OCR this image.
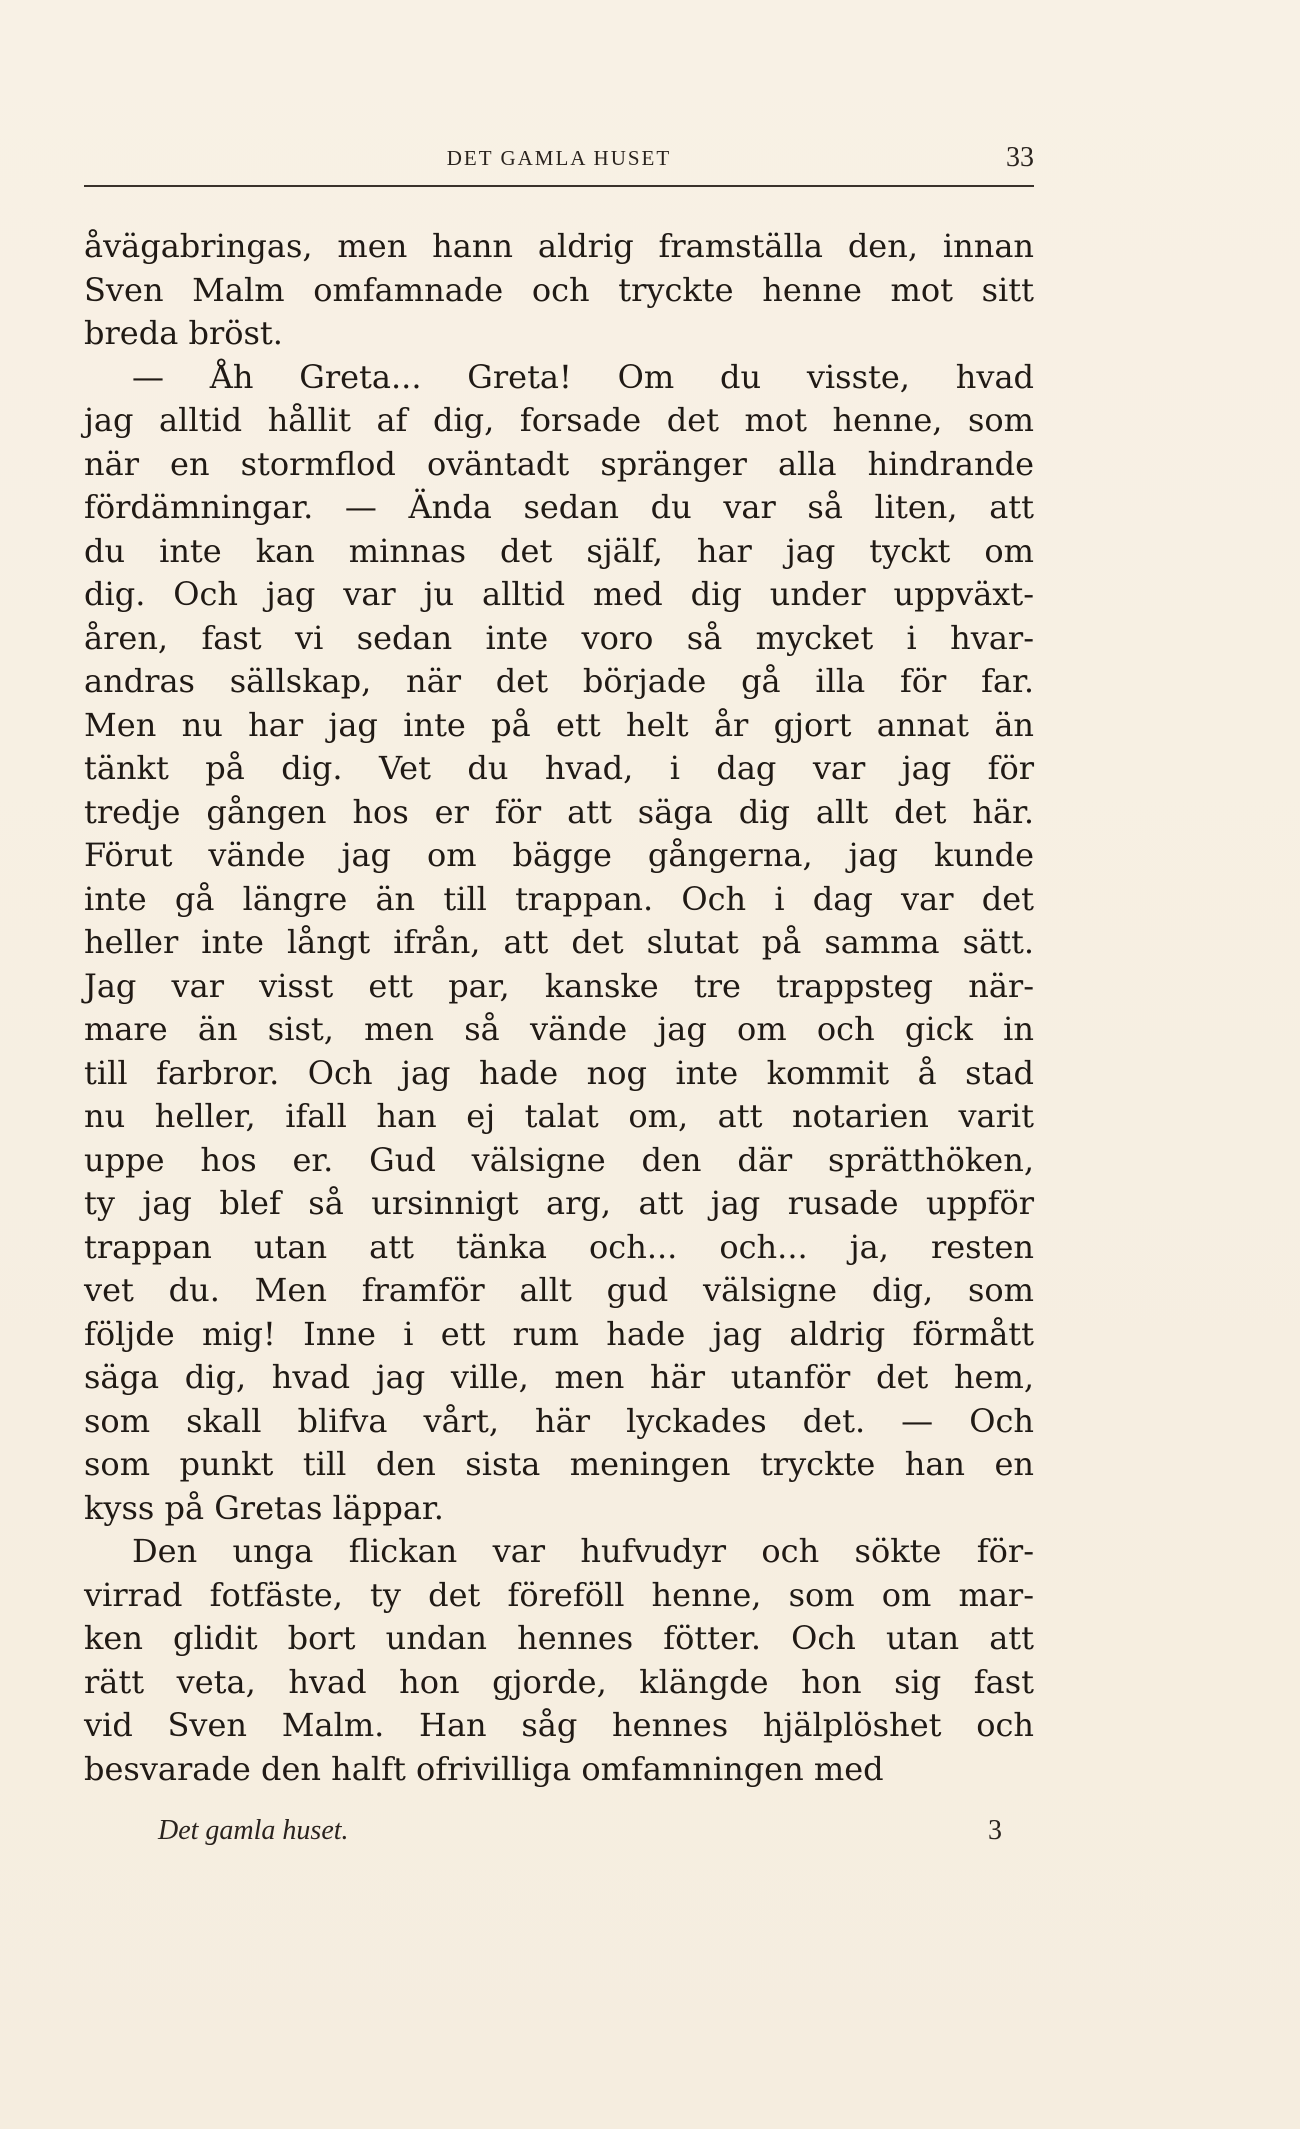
DET GAMLA HUSET	33
åvägabringas, men hann aldrig framställa den, innan
Sven Malm omfamnade och tryckte henne mot sitt
breda bröst.
— Åh Greta... Greta! Om du visste, hvad
jag alltid hållit af dig, forsade det mot henne, som
när en stormflod oväntadt spränger alla hindrande
fördämningar. — Ända sedan du var så liten, att
du inte kan minnas det själf, har jag tyckt om
dig. Och jag var ju alltid med dig under uppväxt-
åren, fast vi sedan inte voro så mycket i hvar-
andras sällskap, när det började gå illa för far.
Men nu har jag inte på ett helt år gjort annat än
tänkt på dig. Vet du hvad, i dag var jag för
tredje gången hos er för att säga dig allt det här.
Förut vände jag om bägge gångerna, jag kunde
inte gå längre än till trappan. Och i dag var det
heller inte långt ifrån, att det slutat på samma sätt.
Jag var visst ett par, kanske tre trappsteg när-
mare än sist, men så vände jag om och gick in
till farbror. Och jag hade nog inte kommit å stad
nu heller, ifall han ej talat om, att notarien varit
uppe hos er. Gud välsigne den där sprätthöken,
ty jag blef så ursinnigt arg, att jag rusade uppför
trappan utan att tänka och... och... ja, resten
vet du. Men framför allt gud välsigne dig, som
följde mig! Inne i ett rum hade jag aldrig förmått
säga dig, hvad jag ville, men här utanför det hem,
som skall blifva vårt, här lyckades det. — Och
som punkt till den sista meningen tryckte han en
kyss på Gretas läppar.
Den unga flickan var hufvudyr och sökte för-
virrad fotfäste, ty det föreföll henne, som om mar-
ken glidit bort undan hennes fötter. Och utan att
rätt veta, hvad hon gjorde, klängde hon sig fast
vid Sven Malm. Han såg hennes hjälplöshet och
besvarade den halft ofrivilliga omfamningen med
Det gamla huset.	3
